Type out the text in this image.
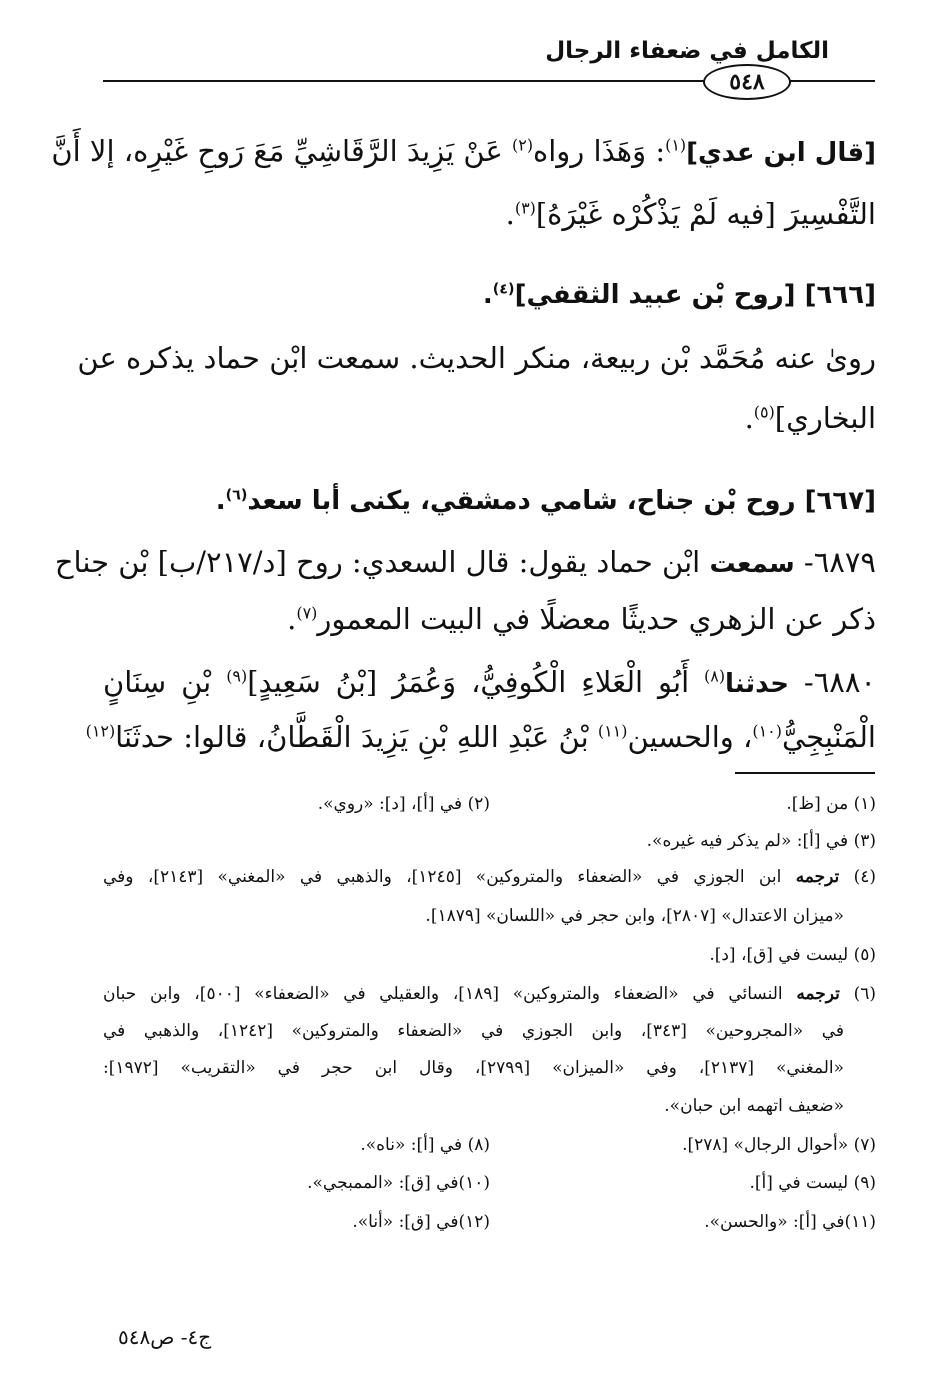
الكامل في ضعفاء الرجال
٥٤٨
[قال ابن عدي]$^{(١)}$: وَهَذَا رواه$^{(٢)}$ عَنْ يَزِيدَ الرَّقَاشِيِّ مَعَ رَوحِ غَيْرِه، إلا أَنَّ
التَّفْسِيرَ [فيه لَمْ يَذْكُرْه غَيْرَهُ]$^{(٣)}$.
[٦٦٦] [روح بْن عبيد الثقفي]$^{(٤)}$.
روىٰ عنه مُحَمَّد بْن ربيعة، منكر الحديث. سمعت ابْن حماد يذكره عن
البخاري]$^{(٥)}$.
[٦٦٧] روح بْن جناح، شامي دمشقي، يكنى أبا سعد$^{(٦)}$.
٦٨٧٩- سمعت ابْن حماد يقول: قال السعدي: روح [د/٢١٧/ب] بْن جناح
ذكر عن الزهري حديثًا معضلًا في البيت المعمور$^{(٧)}$.
٦٨٨٠- حدثنا$^{(٨)}$ أَبُو الْعَلاءِ الْكُوفِيُّ، وَعُمَرُ [بْنُ سَعِيدٍ]$^{(٩)}$ بْنِ سِنَانٍ
الْمَنْبِجِيُّ$^{(١٠)}$، والحسين$^{(١١)}$ بْنُ عَبْدِ اللهِ بْنِ يَزِيدَ الْقَطَّانُ، قالوا: حدثَنَا$^{(١٢)}$
(١) من [ظ].
(٢) في [أ]، [د]: «روي».
(٣) في [أ]: «لم يذكر فيه غيره».
(٤) ترجمه ابن الجوزي في «الضعفاء والمتروكين» [١٢٤٥]، والذهبي في «المغني» [٢١٤٣]، وفي
«ميزان الاعتدال» [٢٨٠٧]، وابن حجر في «اللسان» [١٨٧٩].
(٥) ليست في [ق]، [د].
(٦) ترجمه النسائي في «الضعفاء والمتروكين» [١٨٩]، والعقيلي في «الضعفاء» [٥٠٠]، وابن حبان
في «المجروحين» [٣٤٣]، وابن الجوزي في «الضعفاء والمتروكين» [١٢٤٢]، والذهبي في
«المغني» [٢١٣٧]، وفي «الميزان» [٢٧٩٩]، وقال ابن حجر في «التقريب» [١٩٧٢]:
«ضعيف اتهمه ابن حبان».
(٧) «أحوال الرجال» [٢٧٨].
(٨) في [أ]: «ناه».
(٩) ليست في [أ].
(١٠)في [ق]: «الممبجي».
(١١)في [أ]: «والحسن».
(١٢)في [ق]: «أنا».
ج٤- ص٥٤٨
